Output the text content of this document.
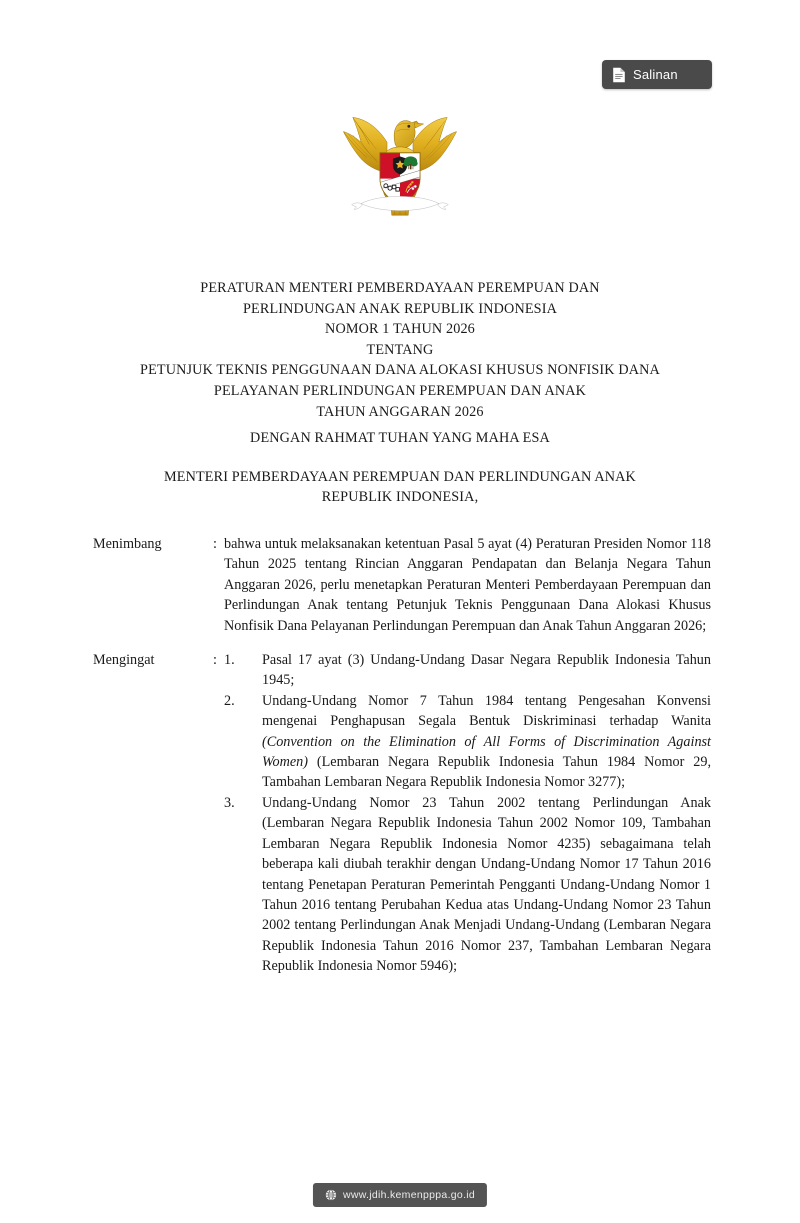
Salinan
PERATURAN MENTERI PEMBERDAYAAN PEREMPUAN DAN
PERLINDUNGAN ANAK REPUBLIK INDONESIA
NOMOR 1 TAHUN 2026
TENTANG
PETUNJUK TEKNIS PENGGUNAAN DANA ALOKASI KHUSUS NONFISIK DANA
PELAYANAN PERLINDUNGAN PEREMPUAN DAN ANAK
TAHUN ANGGARAN 2026
DENGAN RAHMAT TUHAN YANG MAHA ESA
MENTERI PEMBERDAYAAN PEREMPUAN DAN PERLINDUNGAN ANAK
REPUBLIK INDONESIA,
Menimbang	: bahwa untuk melaksanakan ketentuan Pasal 5 ayat (4) Peraturan Presiden Nomor 118 Tahun 2025 tentang Rincian Anggaran Pendapatan dan Belanja Negara Tahun Anggaran 2026, perlu menetapkan Peraturan Menteri Pemberdayaan Perempuan dan Perlindungan Anak tentang Petunjuk Teknis Penggunaan Dana Alokasi Khusus Nonfisik Dana Pelayanan Perlindungan Perempuan dan Anak Tahun Anggaran 2026;

Mengingat	: 1.	Pasal 17 ayat (3) Undang-Undang Dasar Negara Republik Indonesia Tahun 1945;
2.	Undang-Undang Nomor 7 Tahun 1984 tentang Pengesahan Konvensi mengenai Penghapusan Segala Bentuk Diskriminasi terhadap Wanita (Convention on the Elimination of All Forms of Discrimination Against Women) (Lembaran Negara Republik Indonesia Tahun 1984 Nomor 29, Tambahan Lembaran Negara Republik Indonesia Nomor 3277);
3.	Undang-Undang Nomor 23 Tahun 2002 tentang Perlindungan Anak (Lembaran Negara Republik Indonesia Tahun 2002 Nomor 109, Tambahan Lembaran Negara Republik Indonesia Nomor 4235) sebagaimana telah beberapa kali diubah terakhir dengan Undang-Undang Nomor 17 Tahun 2016 tentang Penetapan Peraturan Pemerintah Pengganti Undang-Undang Nomor 1 Tahun 2016 tentang Perubahan Kedua atas Undang-Undang Nomor 23 Tahun 2002 tentang Perlindungan Anak Menjadi Undang-Undang (Lembaran Negara Republik Indonesia Tahun 2016 Nomor 237, Tambahan Lembaran Negara Republik Indonesia Nomor 5946);
www.jdih.kemenpppa.go.id
